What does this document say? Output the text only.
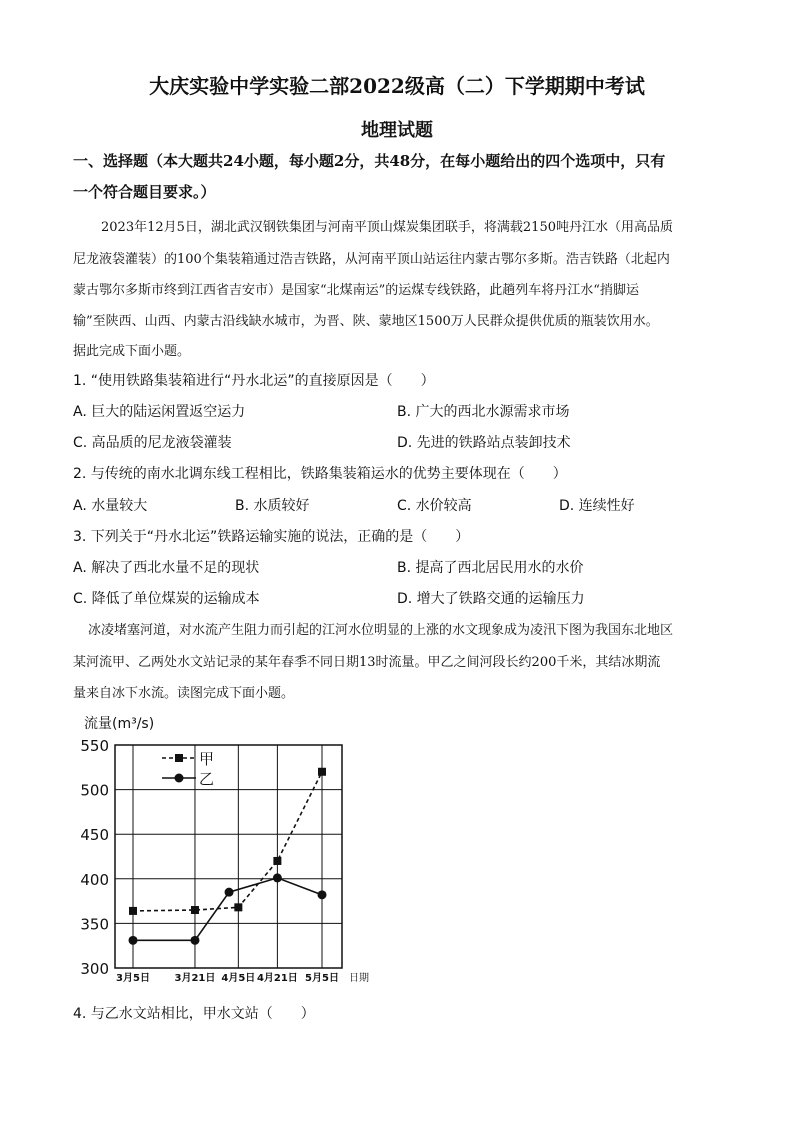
大庆实验中学实验二部2022级高（二）下学期期中考试
地理试题
一、选择题（本大题共24小题，每小题2分，共48分，在每小题给出的四个选项中，只有
一个符合题目要求。）
2023年12月5日，湖北武汉钢铁集团与河南平顶山煤炭集团联手，将满载2150吨丹江水（用高品质
尼龙液袋灌装）的100个集装箱通过浩吉铁路，从河南平顶山站运往内蒙古鄂尔多斯。浩吉铁路（北起内
蒙古鄂尔多斯市终到江西省吉安市）是国家“北煤南运”的运煤专线铁路，此趟列车将丹江水“捎脚运
输”至陕西、山西、内蒙古沿线缺水城市，为晋、陕、蒙地区1500万人民群众提供优质的瓶装饮用水。
据此完成下面小题。
1. “使用铁路集装箱进行“丹水北运”的直接原因是（　　）
A. 巨大的陆运闲置返空运力	B. 广大的西北水源需求市场
C. 高品质的尼龙液袋灌装	D. 先进的铁路站点装卸技术
2. 与传统的南水北调东线工程相比，铁路集装箱运水的优势主要体现在（　　）
A. 水量较大	B. 水质较好	C. 水价较高	D. 连续性好
3. 下列关于“丹水北运”铁路运输实施的说法，正确的是（　　）
A. 解决了西北水量不足的现状	B. 提高了西北居民用水的水价
C. 降低了单位煤炭的运输成本	D. 增大了铁路交通的运输压力
冰凌堵塞河道，对水流产生阻力而引起的江河水位明显的上涨的水文现象成为凌汛下图为我国东北地区
某河流甲、乙两处水文站记录的某年春季不同日期13时流量。甲乙之间河段长约200千米，其结冰期流
量来自冰下水流。读图完成下面小题。
流量(m³/s)
300
350
400
450
500
550
3月5日 3月21日 4月5日 4月21日 5月5日
甲
乙
日期
4. 与乙水文站相比，甲水文站（　　）
